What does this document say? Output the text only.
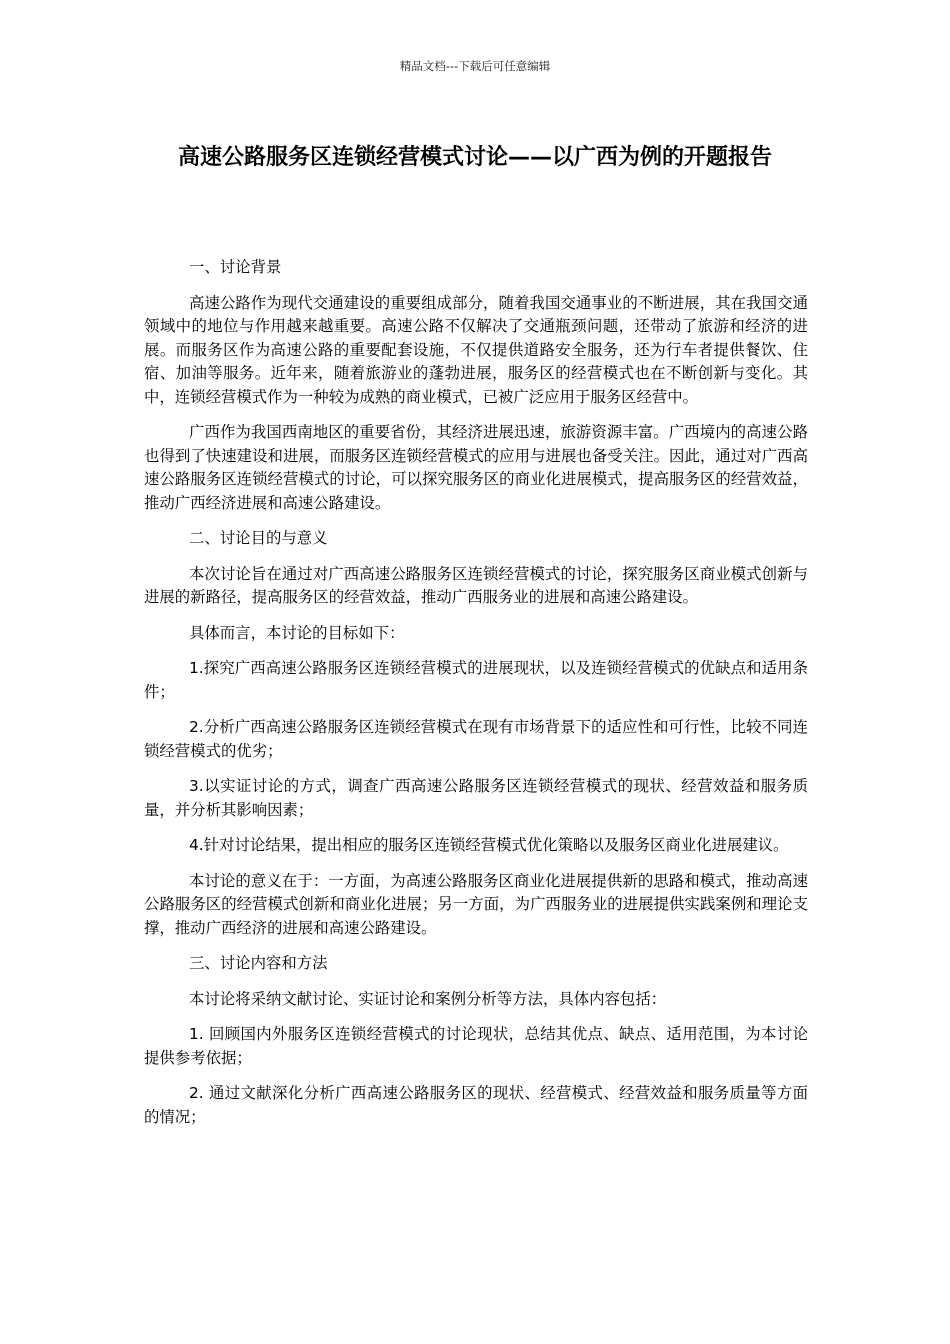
精品文档---下载后可任意编辑
高速公路服务区连锁经营模式讨论——以广西为例的开题报告
一、讨论背景
高速公路作为现代交通建设的重要组成部分，随着我国交通事业的不断进展，其在我国交通领域中的地位与作用越来越重要。高速公路不仅解决了交通瓶颈问题，还带动了旅游和经济的进展。而服务区作为高速公路的重要配套设施，不仅提供道路安全服务，还为行车者提供餐饮、住宿、加油等服务。近年来，随着旅游业的蓬勃进展，服务区的经营模式也在不断创新与变化。其中，连锁经营模式作为一种较为成熟的商业模式，已被广泛应用于服务区经营中。
广西作为我国西南地区的重要省份，其经济进展迅速，旅游资源丰富。广西境内的高速公路也得到了快速建设和进展，而服务区连锁经营模式的应用与进展也备受关注。因此，通过对广西高速公路服务区连锁经营模式的讨论，可以探究服务区的商业化进展模式，提高服务区的经营效益，推动广西经济进展和高速公路建设。
二、讨论目的与意义
本次讨论旨在通过对广西高速公路服务区连锁经营模式的讨论，探究服务区商业模式创新与进展的新路径，提高服务区的经营效益，推动广西服务业的进展和高速公路建设。
具体而言，本讨论的目标如下：
1.探究广西高速公路服务区连锁经营模式的进展现状，以及连锁经营模式的优缺点和适用条件；
2.分析广西高速公路服务区连锁经营模式在现有市场背景下的适应性和可行性，比较不同连锁经营模式的优劣；
3.以实证讨论的方式，调查广西高速公路服务区连锁经营模式的现状、经营效益和服务质量，并分析其影响因素；
4.针对讨论结果，提出相应的服务区连锁经营模式优化策略以及服务区商业化进展建议。
本讨论的意义在于：一方面，为高速公路服务区商业化进展提供新的思路和模式，推动高速公路服务区的经营模式创新和商业化进展；另一方面，为广西服务业的进展提供实践案例和理论支撑，推动广西经济的进展和高速公路建设。
三、讨论内容和方法
本讨论将采纳文献讨论、实证讨论和案例分析等方法，具体内容包括：
1. 回顾国内外服务区连锁经营模式的讨论现状，总结其优点、缺点、适用范围，为本讨论提供参考依据；
2. 通过文献深化分析广西高速公路服务区的现状、经营模式、经营效益和服务质量等方面的情况；
